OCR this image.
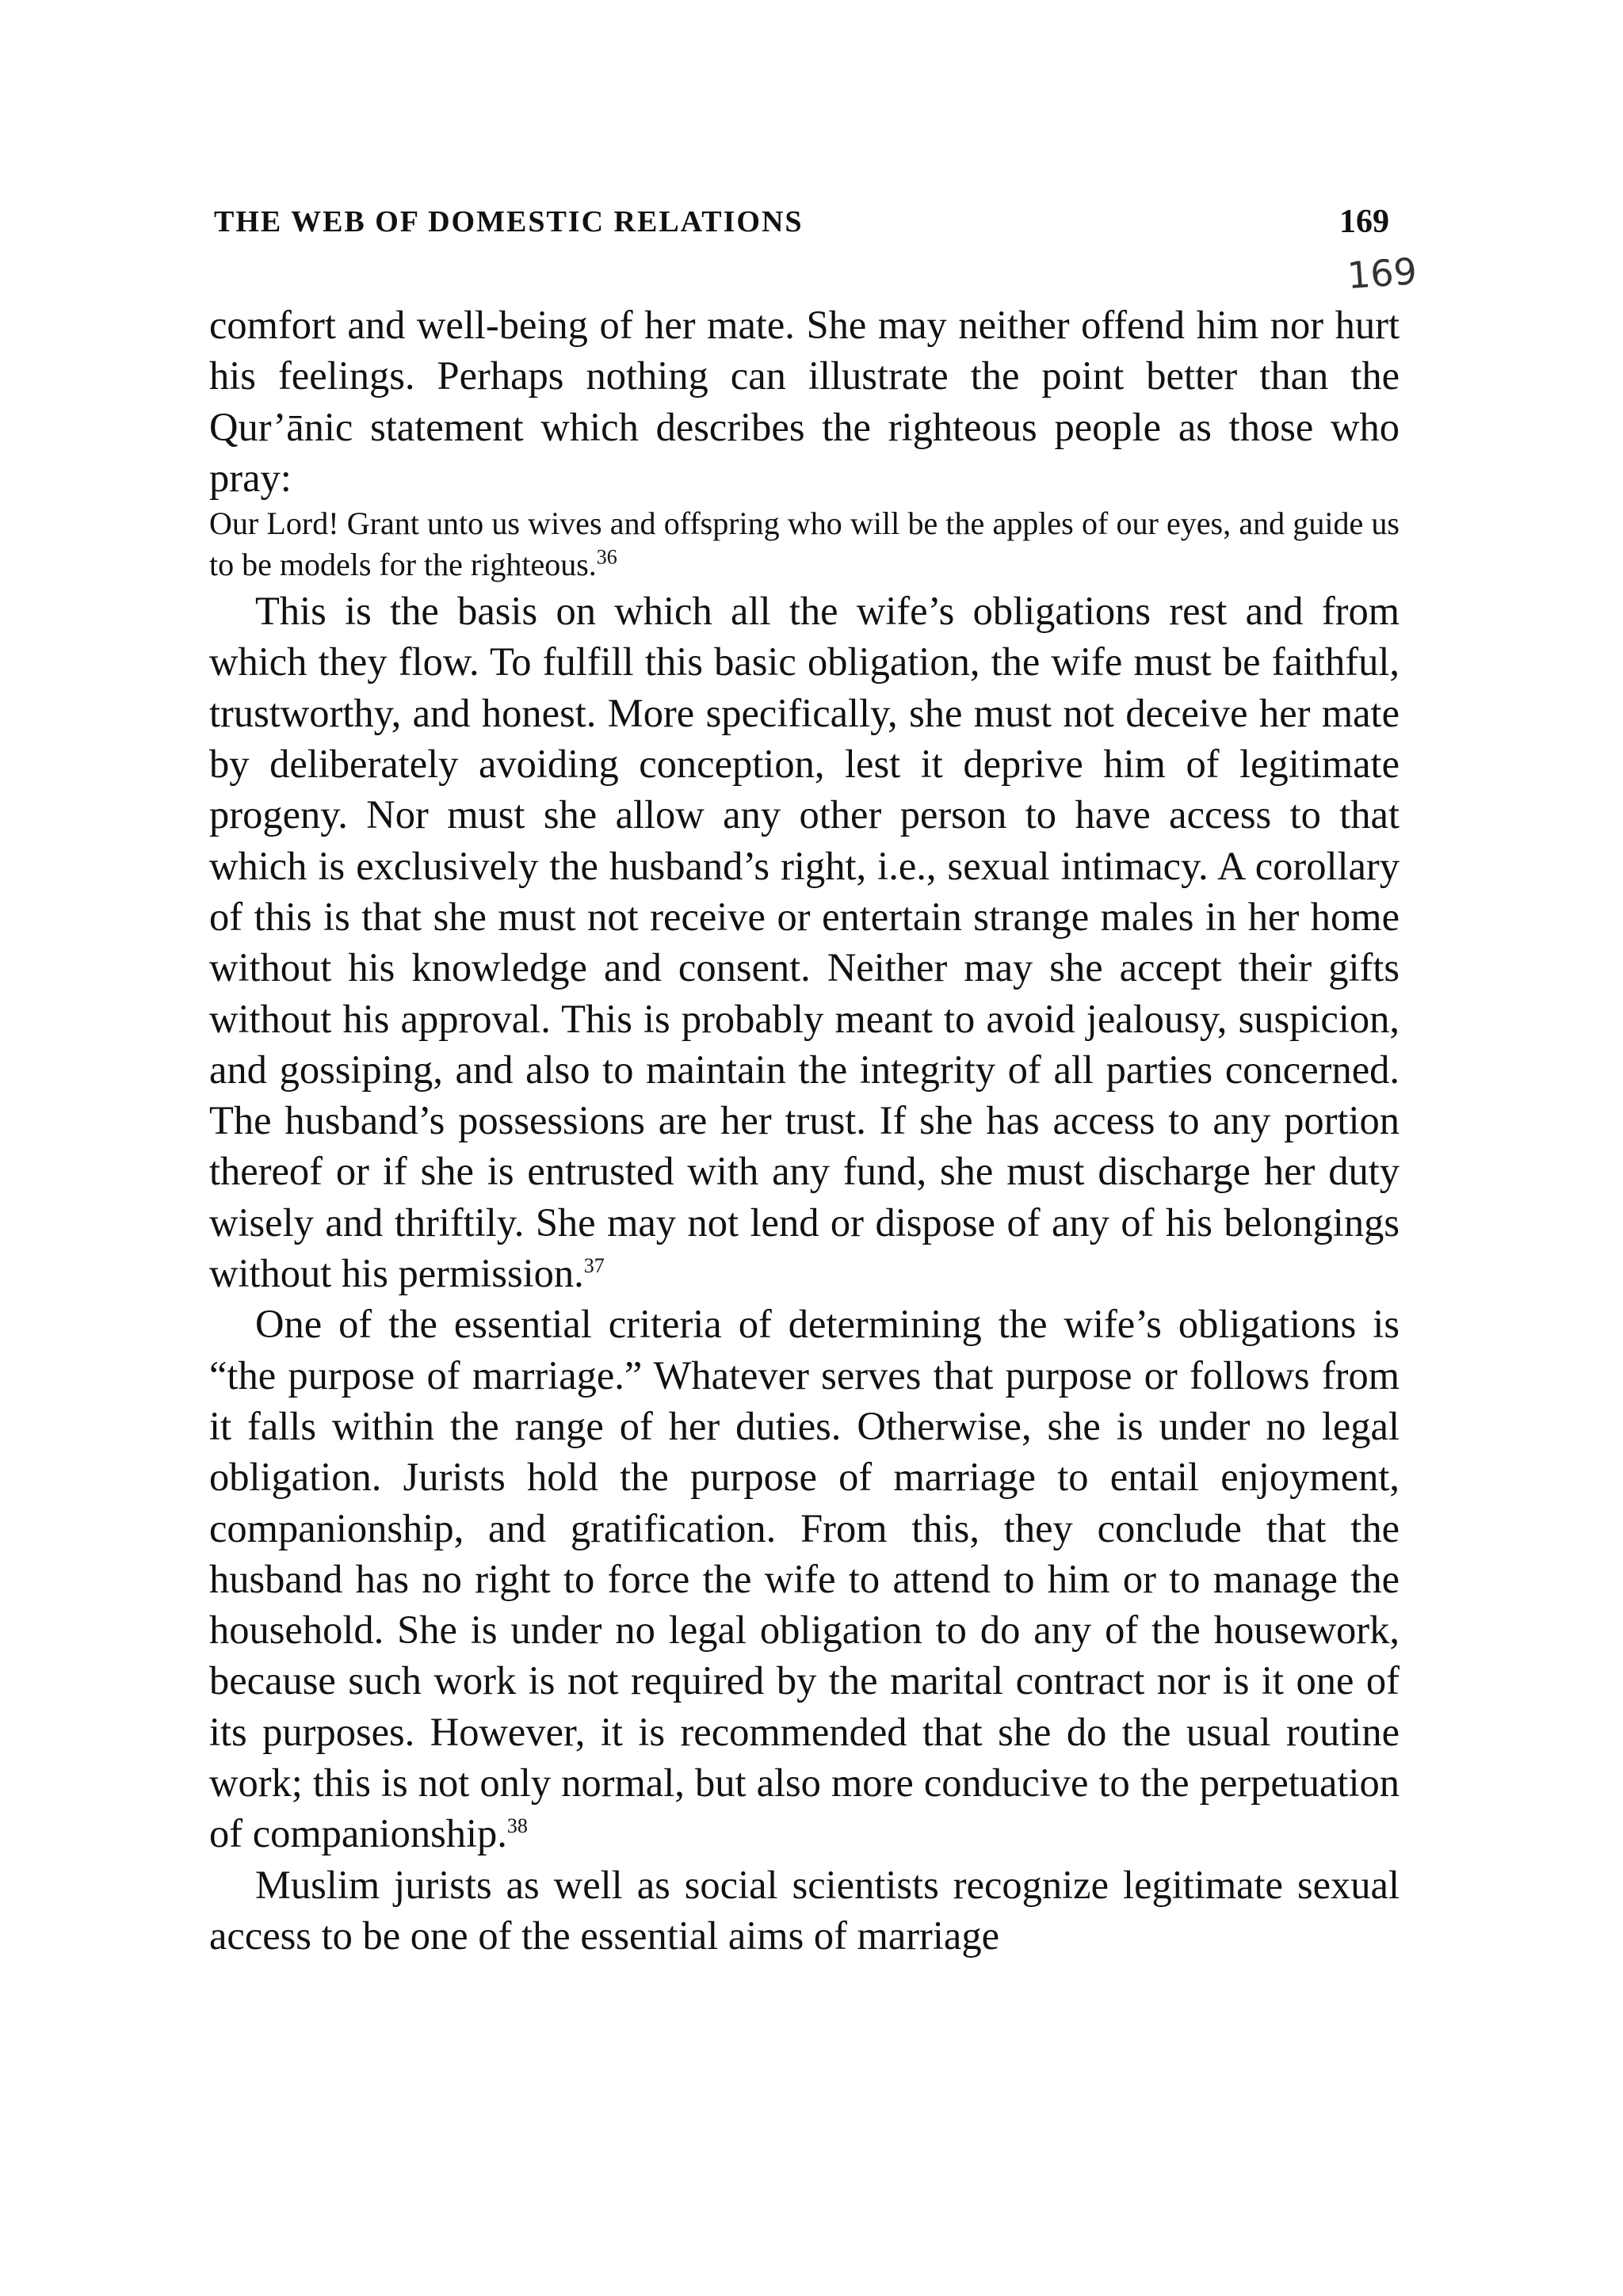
THE WEB OF DOMESTIC RELATIONS	169
169

comfort and well-being of her mate. She may neither offend him nor hurt his feelings. Perhaps nothing can illustrate the point better than the Qur’ānic statement which describes the righteous people as those who pray:

Our Lord! Grant unto us wives and offspring who will be the apples of our eyes, and guide us to be models for the righteous.$^{36}$

This is the basis on which all the wife’s obligations rest and from which they flow. To fulfill this basic obligation, the wife must be faithful, trustworthy, and honest. More specifically, she must not deceive her mate by deliberately avoiding conception, lest it deprive him of legitimate progeny. Nor must she allow any other person to have access to that which is exclusively the husband’s right, i.e., sexual intimacy. A corollary of this is that she must not receive or entertain strange males in her home without his knowledge and consent. Neither may she accept their gifts without his approval. This is probably meant to avoid jealousy, suspicion, and gossiping, and also to maintain the integrity of all parties concerned. The husband’s possessions are her trust. If she has access to any portion thereof or if she is entrusted with any fund, she must discharge her duty wisely and thriftily. She may not lend or dispose of any of his belongings without his permission.$^{37}$

One of the essential criteria of determining the wife’s obligations is “the purpose of marriage.” Whatever serves that purpose or follows from it falls within the range of her duties. Otherwise, she is under no legal obligation. Jurists hold the purpose of marriage to entail enjoyment, companionship, and gratification. From this, they conclude that the husband has no right to force the wife to attend to him or to manage the household. She is under no legal obligation to do any of the housework, because such work is not required by the marital contract nor is it one of its purposes. However, it is recommended that she do the usual routine work; this is not only normal, but also more conducive to the perpetuation of companionship.$^{38}$

Muslim jurists as well as social scientists recognize legitimate sexual access to be one of the essential aims of marriage
